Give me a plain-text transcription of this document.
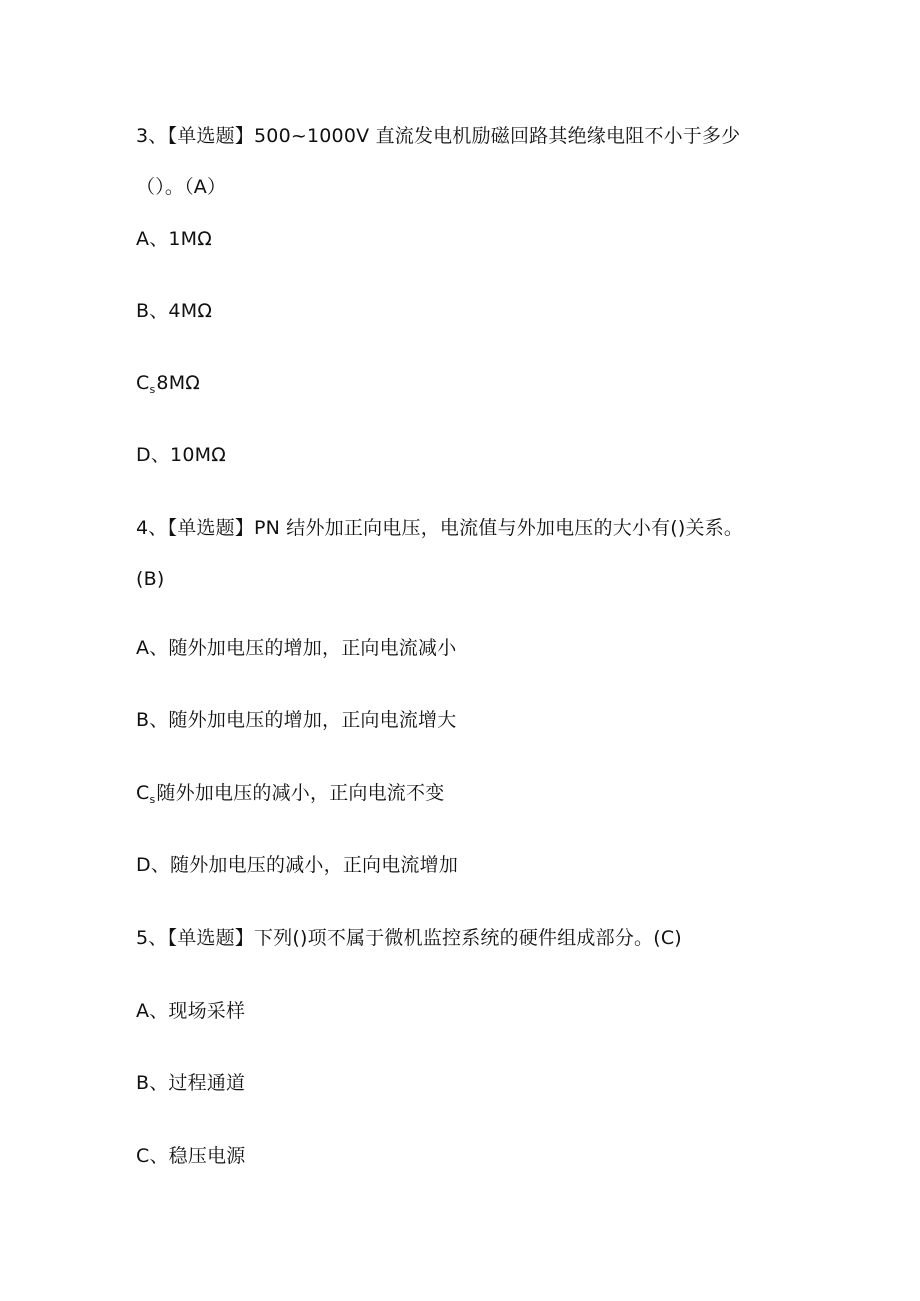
3、【单选题】500~1000V 直流发电机励磁回路其绝缘电阻不小于多少
（）。（A）
A、1MΩ
B、4MΩ
$C_s8M\Omega$
D、10MΩ
4、【单选题】PN 结外加正向电压，电流值与外加电压的大小有()关系。
(B)
A、随外加电压的增加，正向电流减小
B、随外加电压的增加，正向电流增大
$C_s$随外加电压的减小，正向电流不变
D、随外加电压的减小，正向电流增加
5、【单选题】下列()项不属于微机监控系统的硬件组成部分。(C)
A、现场采样
B、过程通道
C、稳压电源
